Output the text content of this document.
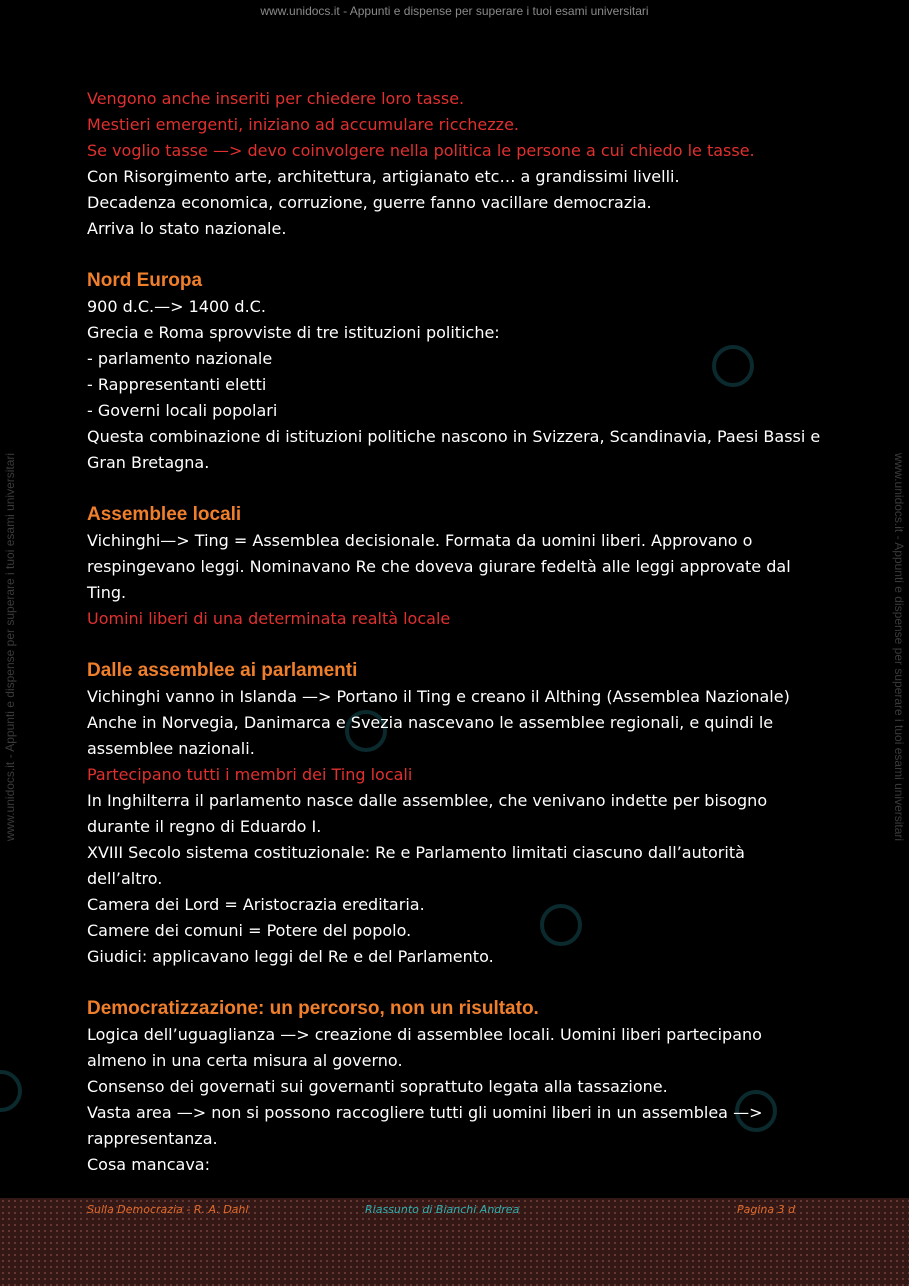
www.unidocs.it - Appunti e dispense per superare i tuoi esami universitari
www.unidocs.it - Appunti e dispense per superare i tuoi esami universitari	www.unidocs.it - Appunti e dispense per superare i tuoi esami universitari
Vengono anche inseriti per chiedere loro tasse.
Mestieri emergenti, iniziano ad accumulare ricchezze.
Se voglio tasse —> devo coinvolgere nella politica le persone a cui chiedo le tasse.
Con Risorgimento arte, architettura, artigianato etc… a grandissimi livelli.
Decadenza economica, corruzione, guerre fanno vacillare democrazia.
Arriva lo stato nazionale.
Nord Europa
900 d.C.—> 1400 d.C.
Grecia e Roma sprovviste di tre istituzioni politiche:
- parlamento nazionale
- Rappresentanti eletti
- Governi locali popolari
Questa combinazione di istituzioni politiche nascono in Svizzera, Scandinavia, Paesi Bassi e
Gran Bretagna.
Assemblee locali
Vichinghi—> Ting = Assemblea decisionale. Formata da uomini liberi. Approvano o
respingevano leggi. Nominavano Re che doveva giurare fedeltà alle leggi approvate dal
Ting.
Uomini liberi di una determinata realtà locale
Dalle assemblee ai parlamenti
Vichinghi vanno in Islanda —> Portano il Ting e creano il Althing (Assemblea Nazionale)
Anche in Norvegia, Danimarca e Svezia nascevano le assemblee regionali, e quindi le
assemblee nazionali.
Partecipano tutti i membri dei Ting locali
In Inghilterra il parlamento nasce dalle assemblee, che venivano indette per bisogno
durante il regno di Eduardo I.
XVIII Secolo sistema costituzionale: Re e Parlamento limitati ciascuno dall’autorità
dell’altro.
Camera dei Lord = Aristocrazia ereditaria.
Camere dei comuni = Potere del popolo.
Giudici: applicavano leggi del Re e del Parlamento.
Democratizzazione: un percorso, non un risultato.
Logica dell’uguaglianza —> creazione di assemblee locali. Uomini liberi partecipano
almeno in una certa misura al governo.
Consenso dei governati sui governanti soprattuto legata alla tassazione.
Vasta area —> non si possono raccogliere tutti gli uomini liberi in un assemblea —>
rappresentanza.
Cosa mancava:
Sulla Democrazia - R. A. Dahl	Riassunto di Bianchi Andrea	Pagina 3 d
